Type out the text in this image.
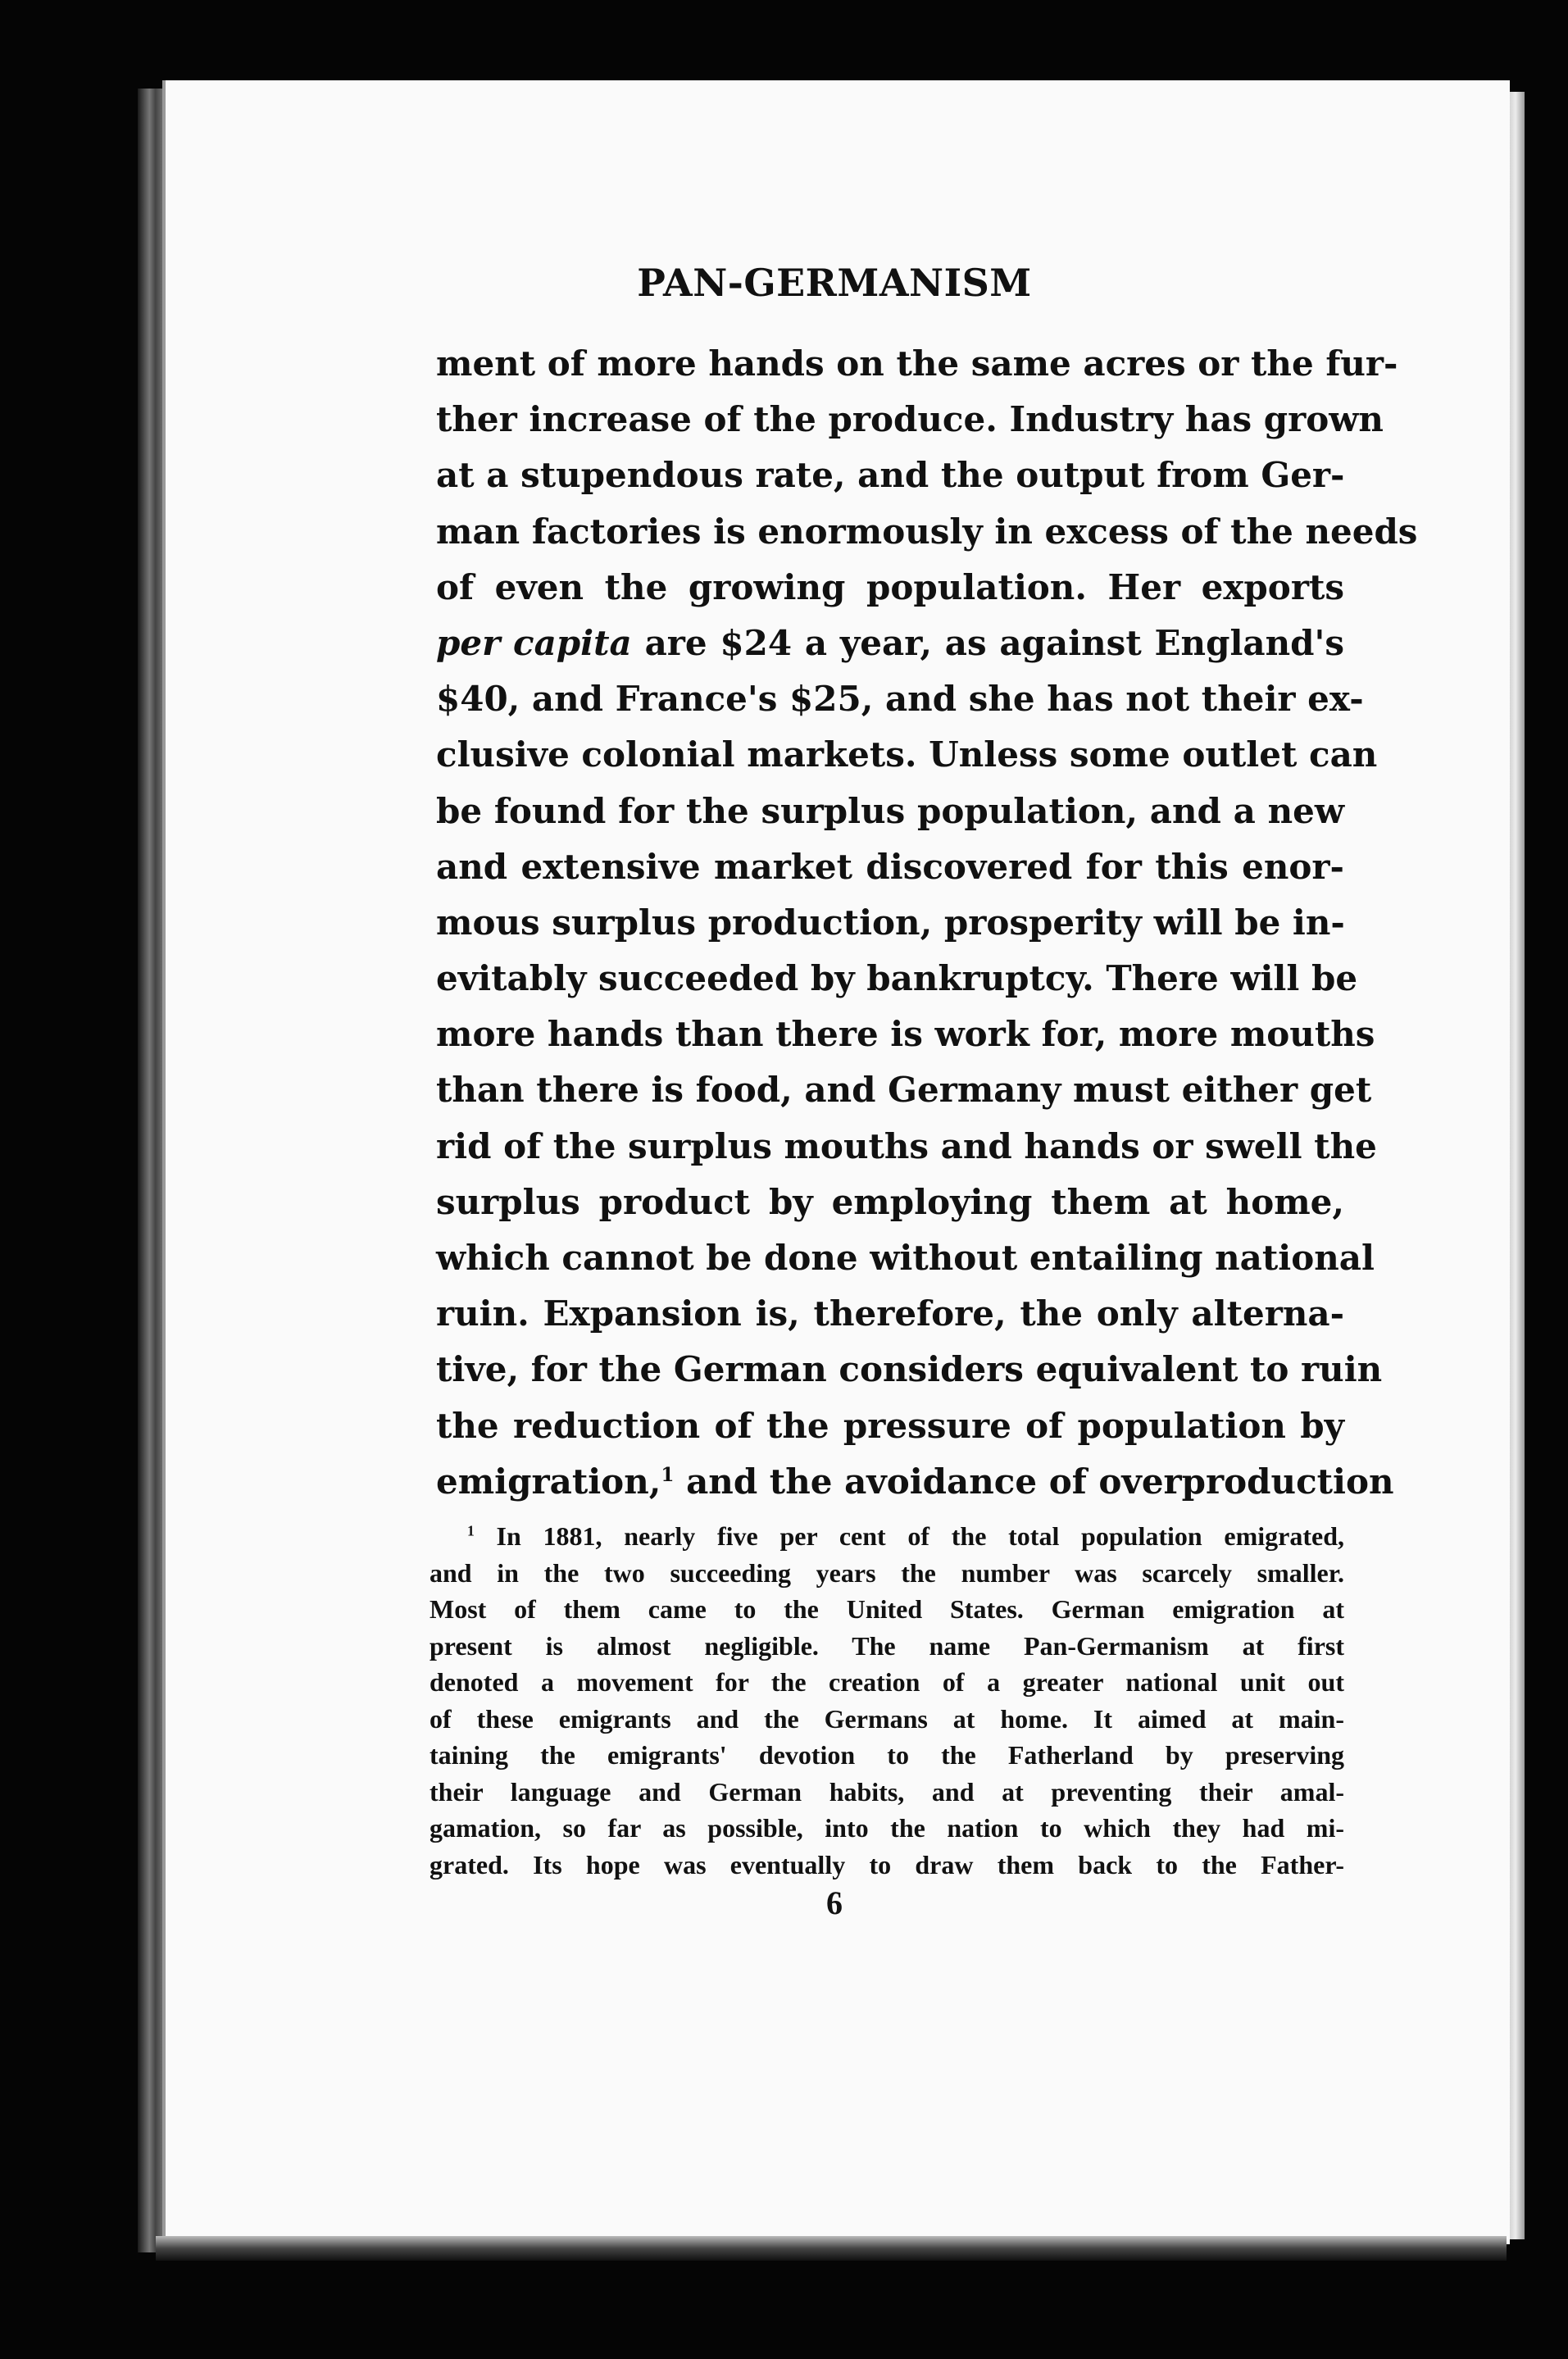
PAN-GERMANISM
ment of more hands on the same acres or the fur-
ther increase of the produce. Industry has grown
at a stupendous rate, and the output from Ger-
man factories is enormously in excess of the needs
of even the growing population. Her exports
per capita are $24 a year, as against England's
$40, and France's $25, and she has not their ex-
clusive colonial markets. Unless some outlet can
be found for the surplus population, and a new
and extensive market discovered for this enor-
mous surplus production, prosperity will be in-
evitably succeeded by bankruptcy. There will be
more hands than there is work for, more mouths
than there is food, and Germany must either get
rid of the surplus mouths and hands or swell the
surplus product by employing them at home,
which cannot be done without entailing national
ruin. Expansion is, therefore, the only alterna-
tive, for the German considers equivalent to ruin
the reduction of the pressure of population by
emigration,$^1$ and the avoidance of overproduction
$^1$ In 1881, nearly five per cent of the total population emigrated,
and in the two succeeding years the number was scarcely smaller.
Most of them came to the United States. German emigration at
present is almost negligible. The name Pan-Germanism at first
denoted a movement for the creation of a greater national unit out
of these emigrants and the Germans at home. It aimed at main-
taining the emigrants' devotion to the Fatherland by preserving
their language and German habits, and at preventing their amal-
gamation, so far as possible, into the nation to which they had mi-
grated. Its hope was eventually to draw them back to the Father-
6
